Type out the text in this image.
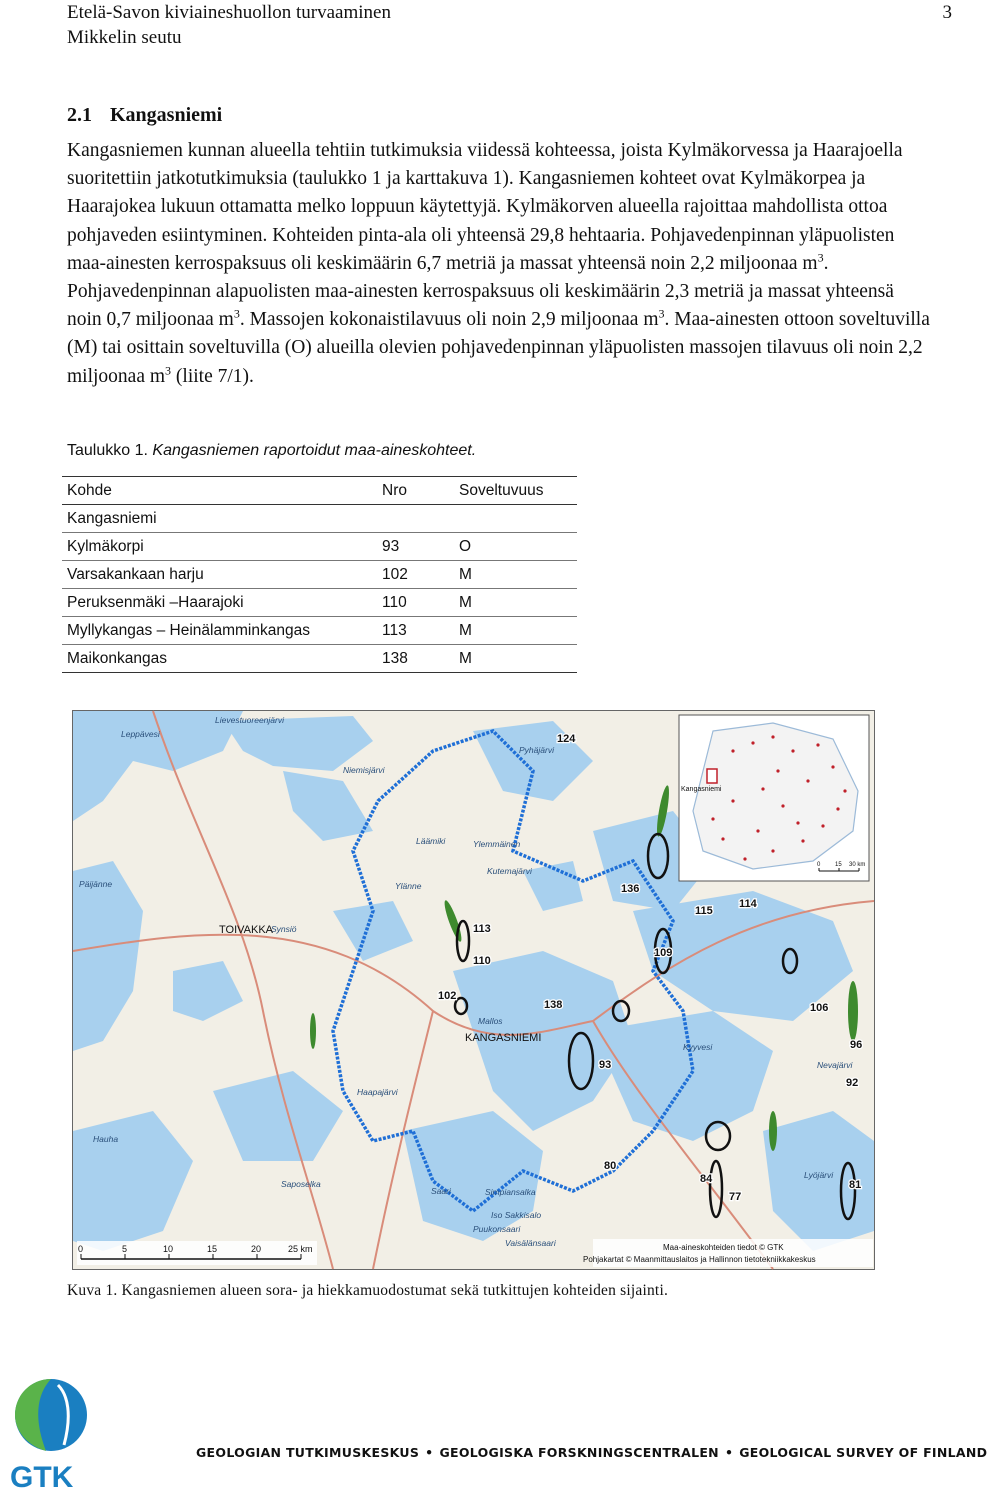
Etelä-Savon kiviaineshuollon turvaaminen
Mikkelin seutu
3
2.1 Kangasniemi

Kangasniemen kunnan alueella tehtiin tutkimuksia viidessä kohteessa, joista Kylmäkorvessa ja Haarajoella suoritettiin jatkotutkimuksia (taulukko 1 ja karttakuva 1). Kangasniemen kohteet ovat Kylmäkorpea ja Haarajokea lukuun ottamatta melko loppuun käytettyjä. Kylmäkorven alueella rajoittaa mahdollista ottoa pohjaveden esiintyminen. Kohteiden pinta-ala oli yhteensä 29,8 hehtaaria. Pohjavedenpinnan yläpuolisten maa-ainesten kerrospaksuus oli keskimäärin 6,7 metriä ja massat yhteensä noin 2,2 miljoonaa $m^3$. Pohjavedenpinnan alapuolisten maa-ainesten kerrospaksuus oli keskimäärin 2,3 metriä ja massat yhteensä noin 0,7 miljoonaa $m^3$. Massojen kokonaistilavuus oli noin 2,9 miljoonaa $m^3$. Maa-ainesten ottoon soveltuvilla (M) tai osittain soveltuvilla (O) alueilla olevien pohjavedenpinnan yläpuolisten massojen tilavuus oli noin 2,2 miljoonaa $m^3$ (liite 7/1).

Taulukko 1. Kangasniemen raportoidut maa-aineskohteet.
Kohde	Nro	Soveltuvuus
Kangasniemi		
Kylmäkorpi	93	O
Varsakankaan harju	102	M
Peruksenmäki –Haarajoki	110	M
Myllykangas – Heinälamminkangas	113	M
Maikonkangas	138	M
124
136
115
114
113
110
109
102
138	106
96
93
92
80
84
77
81
Lievestuoreenjärvi
Leppävesi
Pyhäjärvi
Niemisjärvi
Päijänne
Läämiki	Ylemmäinen
Kutemajärvi
Ylänne
Synsiö
Mallos
Kyyvesi
Haapajärvi
Nevajärvi
Hauha
Saposelka
Simpiansalka
Iso Sakkisalo
Puukonsaari
Vaisälänsaari
Lyöjärvi
Saari
TOIVAKKA
KANGASNIEMI
Kangasniemi
0 15 30 km
0	5	10	15	20	25 km	Maa-aineskohteiden tiedot © GTK
Pohjakartat © Maanmittauslaitos ja Hallinnon tietotekniikkakeskus
Kuva 1. Kangasniemen alueen sora- ja hiekkamuodostumat sekä tutkittujen kohteiden sijainti.
GTK
GEOLOGIAN TUTKIMUSKESKUS • GEOLOGISKA FORSKNINGSCENTRALEN • GEOLOGICAL SURVEY OF FINLAND
